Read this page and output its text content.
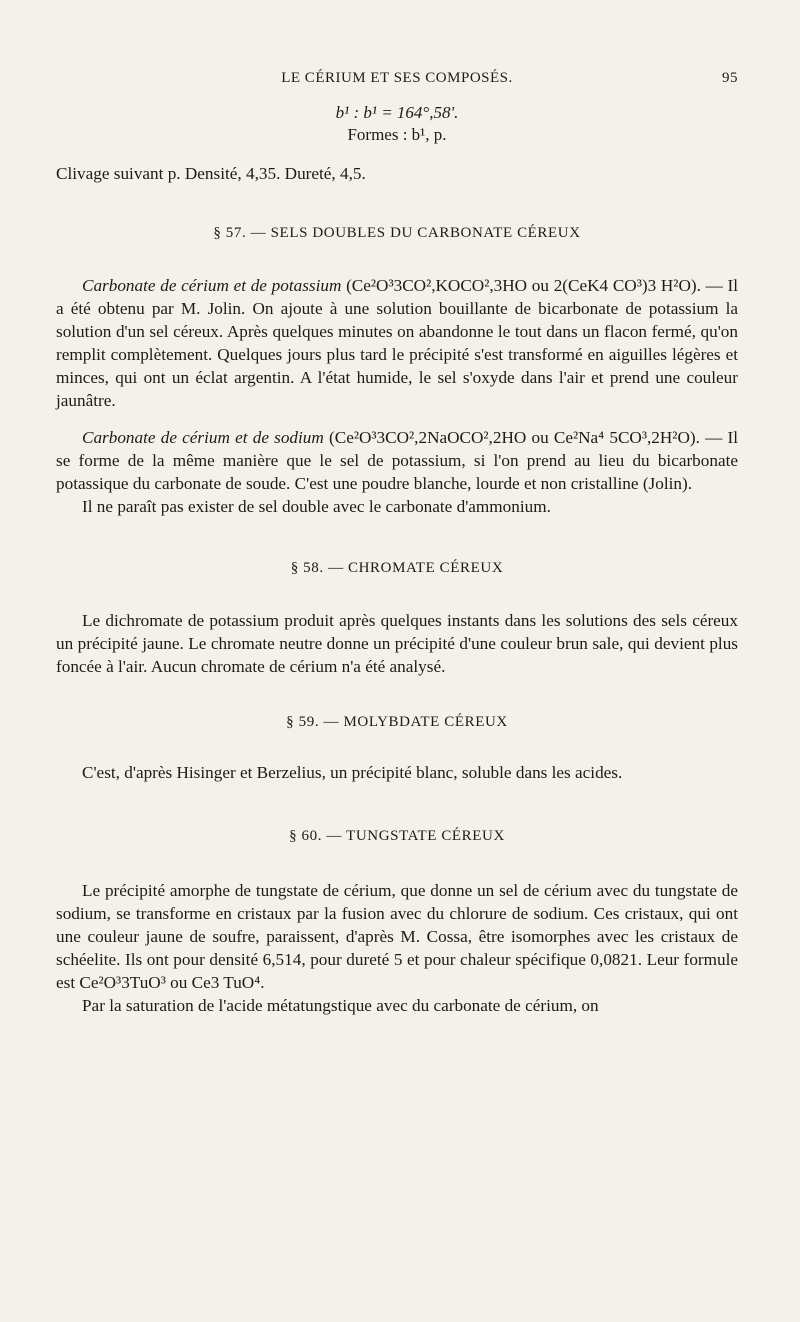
LE CÉRIUM ET SES COMPOSÉS.	95
b¹ : b¹ = 164°,58'.
Formes : b¹, p.

Clivage suivant p. Densité, 4,35. Dureté, 4,5.

§ 57. — SELS DOUBLES DU CARBONATE CÉREUX

Carbonate de cérium et de potassium (Ce²O³3CO²,KOCO²,3HO ou 2(CeK4 CO³)3 H²O). — Il a été obtenu par M. Jolin. On ajoute à une solution bouillante de bicarbonate de potassium la solution d'un sel céreux. Après quelques minutes on abandonne le tout dans un flacon fermé, qu'on remplit complètement. Quelques jours plus tard le précipité s'est transformé en aiguilles légères et minces, qui ont un éclat argentin. A l'état humide, le sel s'oxyde dans l'air et prend une couleur jaunâtre.

Carbonate de cérium et de sodium (Ce²O³3CO²,2NaOCO²,2HO ou Ce²Na⁴ 5CO³,2H²O). — Il se forme de la même manière que le sel de potassium, si l'on prend au lieu du bicarbonate potassique du carbonate de soude. C'est une poudre blanche, lourde et non cristalline (Jolin).

Il ne paraît pas exister de sel double avec le carbonate d'ammonium.

§ 58. — CHROMATE CÉREUX

Le dichromate de potassium produit après quelques instants dans les solutions des sels céreux un précipité jaune. Le chromate neutre donne un précipité d'une couleur brun sale, qui devient plus foncée à l'air. Aucun chromate de cérium n'a été analysé.

§ 59. — MOLYBDATE CÉREUX

C'est, d'après Hisinger et Berzelius, un précipité blanc, soluble dans les acides.

§ 60. — TUNGSTATE CÉREUX

Le précipité amorphe de tungstate de cérium, que donne un sel de cérium avec du tungstate de sodium, se transforme en cristaux par la fusion avec du chlorure de sodium. Ces cristaux, qui ont une couleur jaune de soufre, paraissent, d'après M. Cossa, être isomorphes avec les cristaux de schéelite. Ils ont pour densité 6,514, pour dureté 5 et pour chaleur spécifique 0,0821. Leur formule est Ce²O³3TuO³ ou Ce3 TuO⁴.

Par la saturation de l'acide métatungstique avec du carbonate de cérium, on
